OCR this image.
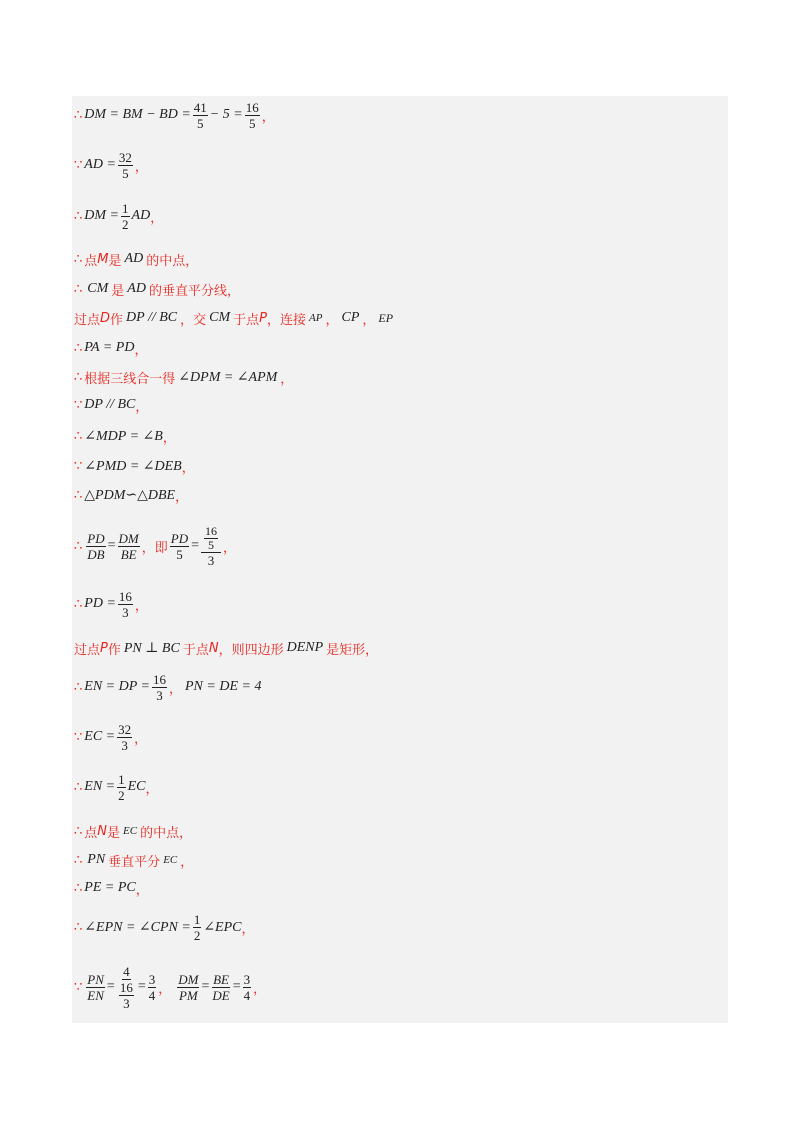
∴ DM = BM − BD = $\frac{41}{5} - 5 = \frac{16}{5}$ ，
∵ AD = $\frac{32}{5}$ ，
∴ DM = $\frac{1}{2}$ AD ，
∴ 点 M 是 AD 的中点，
∴ CM 是 AD 的垂直平分线，
过点 D 作 DP // BC ，交 CM 于点 P ，连接 AP ， CP ， EP
∴ PA = PD ，
∴ 根据三线合一得 ∠DPM = ∠APM ，
∵ DP // BC ，
∴ ∠MDP = ∠B ，
∵ ∠PMD = ∠DEB ，
∴ △PDM∽△DBE ，
∴ $\frac{PD}{DB} = \frac{DM}{BE}$ ，即 $\frac{PD}{5} = 16$
5
3 ，
∴ PD = $\frac{16}{3}$ ，
过点 P 作 PN ⊥ BC 于点 N ，则四边形 DENP 是矩形，
∴ EN = DP = $\frac{16}{3}$ ， PN = DE = 4
∵ EC = $\frac{32}{3}$ ，
∴ EN = $\frac{1}{2}$ EC ，
∴ 点 N 是 EC 的中点，
∴ PN 垂直平分 EC ，
∴ PE = PC ，
∴ ∠EPN = ∠CPN = $\frac{1}{2}$ ∠EPC ，
∵ $\frac{PN}{EN} = 4$
16
$3 = \frac{3}{4}$ ， $\frac{DM}{PM} = \frac{BE}{DE} = \frac{3}{4}$ ，
